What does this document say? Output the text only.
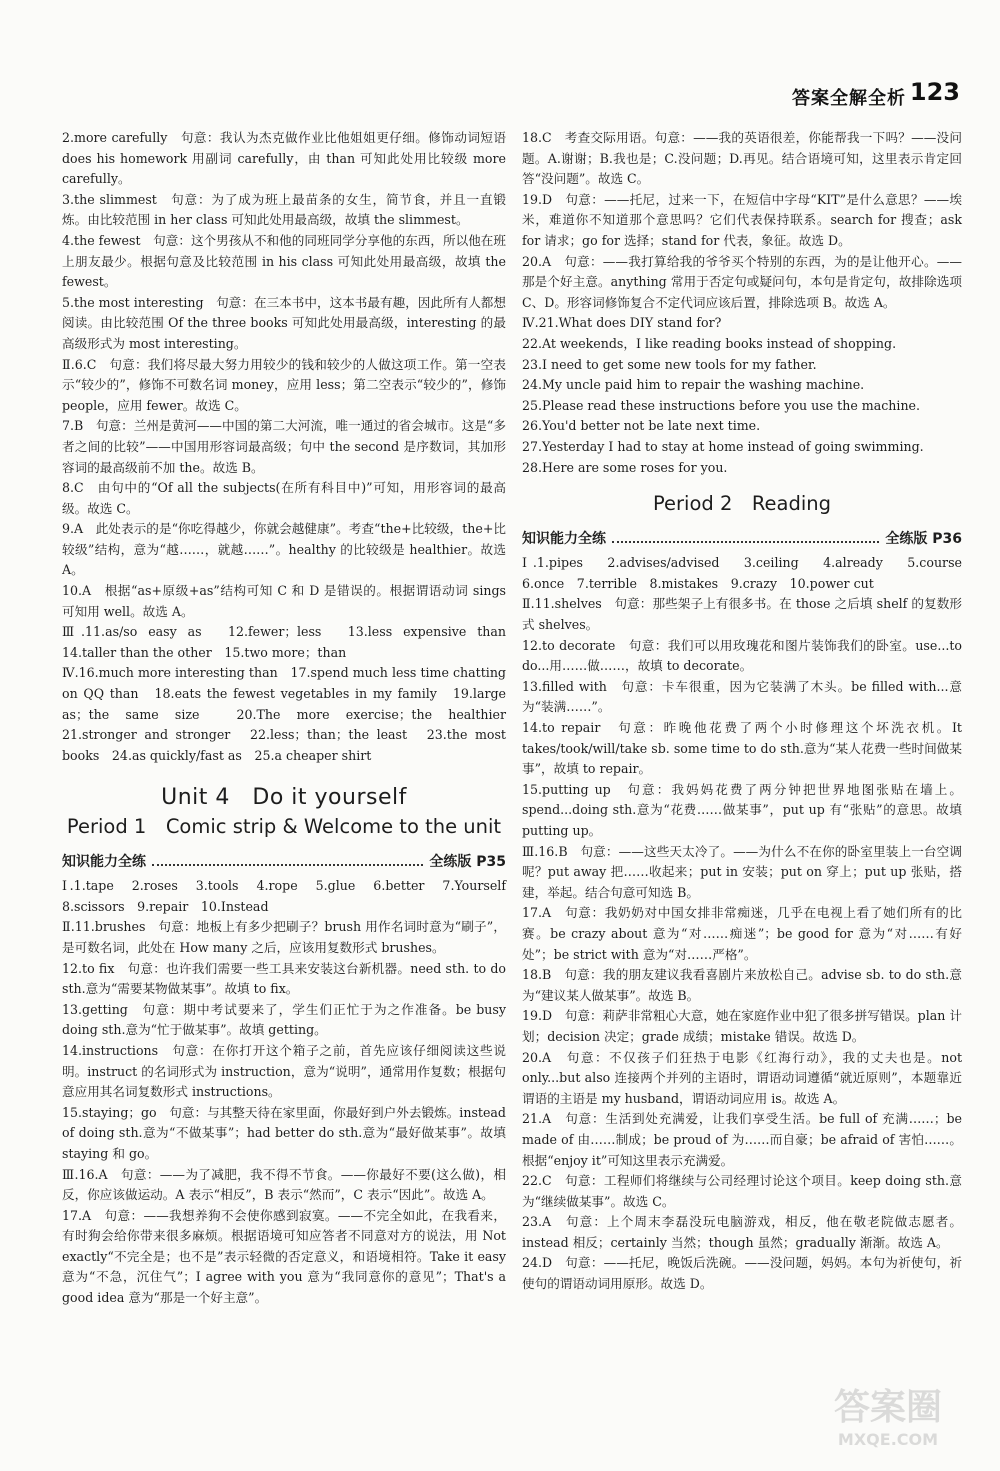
答案全解全析 123

2.more carefully　句意：我认为杰克做作业比他姐姐更仔细。修饰动词短语 does his homework 用副词 carefully，由 than 可知此处用比较级 more carefully。

3.the slimmest　句意：为了成为班上最苗条的女生，简节食，并且一直锻炼。由比较范围 in her class 可知此处用最高级，故填 the slimmest。

4.the fewest　句意：这个男孩从不和他的同班同学分享他的东西，所以他在班上朋友最少。根据句意及比较范围 in his class 可知此处用最高级，故填 the fewest。

5.the most interesting　句意：在三本书中，这本书最有趣，因此所有人都想阅读。由比较范围 Of the three books 可知此处用最高级，interesting 的最高级形式为 most interesting。

Ⅱ.6.C　句意：我们将尽最大努力用较少的钱和较少的人做这项工作。第一空表示“较少的”，修饰不可数名词 money，应用 less；第二空表示“较少的”，修饰 people，应用 fewer。故选 C。

7.B　句意：兰州是黄河——中国的第二大河流，唯一通过的省会城市。这是“多者之间的比较”——中国用形容词最高级；句中 the second 是序数词，其加形容词的最高级前不加 the。故选 B。

8.C　由句中的“Of all the subjects(在所有科目中)”可知，用形容词的最高级。故选 C。

9.A　此处表示的是“你吃得越少，你就会越健康”。考查“the+比较级，the+比较级”结构，意为“越……，就越……”。healthy 的比较级是 healthier。故选 A。

10.A　根据“as+原级+as”结构可知 C 和 D 是错误的。根据谓语动词 sings 可知用 well。故选 A。

Ⅲ.11.as/so easy as　12.fewer；less　13.less expensive than　14.taller than the other　15.two more；than

Ⅳ.16.much more interesting than　17.spend much less time chatting on QQ than　18.eats the fewest vegetables in my family　19.large as；the same size　20.The more exercise；the healthier　21.stronger and stronger　22.less；than；the least　23.the most books　24.as quickly/fast as　25.a cheaper shirt

Unit 4　Do it yourself
Period 1　Comic strip & Welcome to the unit
知识能力全练	全练版 P35

Ⅰ.1.tape　2.roses　3.tools　4.rope　5.glue　6.better　7.Yourself　8.scissors　9.repair　10.Instead

Ⅱ.11.brushes　句意：地板上有多少把刷子？brush 用作名词时意为“刷子”，是可数名词，此处在 How many 之后，应该用复数形式 brushes。

12.to fix　句意：也许我们需要一些工具来安装这台新机器。need sth. to do sth.意为“需要某物做某事”。故填 to fix。

13.getting　句意：期中考试要来了，学生们正忙于为之作准备。be busy doing sth.意为“忙于做某事”。故填 getting。

14.instructions　句意：在你打开这个箱子之前，首先应该仔细阅读这些说明。instruct 的名词形式为 instruction，意为“说明”，通常用作复数；根据句意应用其名词复数形式 instructions。

15.staying；go　句意：与其整天待在家里面，你最好到户外去锻炼。instead of doing sth.意为“不做某事”；had better do sth.意为“最好做某事”。故填 staying 和 go。

Ⅲ.16.A　句意：——为了减肥，我不得不节食。——你最好不要(这么做)，相反，你应该做运动。A 表示“相反”，B 表示“然而”，C 表示“因此”。故选 A。

17.A　句意：——我想养狗不会使你感到寂寞。——不完全如此，在我看来，有时狗会给你带来很多麻烦。根据语境可知应答者不同意对方的说法，用 Not exactly“不完全是；也不是”表示轻微的否定意义，和语境相符。Take it easy 意为“不急，沉住气”；I agree with you 意为“我同意你的意见”；That's a good idea 意为“那是一个好主意”。

18.C　考查交际用语。句意：——我的英语很差，你能帮我一下吗？——没问题。A.谢谢；B.我也是；C.没问题；D.再见。结合语境可知，这里表示肯定回答“没问题”。故选 C。

19.D　句意：——托尼，过来一下，在短信中字母“KIT”是什么意思？——埃米，难道你不知道那个意思吗？它们代表保持联系。search for 搜查；ask for 请求；go for 选择；stand for 代表，象征。故选 D。

20.A　句意：——我打算给我的爷爷买个特别的东西，为的是让他开心。——那是个好主意。anything 常用于否定句或疑问句，本句是肯定句，故排除选项 C、D。形容词修饰复合不定代词应该后置，排除选项 B。故选 A。

Ⅳ.21.What does DIY stand for?

22.At weekends，I like reading books instead of shopping.

23.I need to get some new tools for my father.

24.My uncle paid him to repair the washing machine.

25.Please read these instructions before you use the machine.

26.You'd better not be late next time.

27.Yesterday I had to stay at home instead of going swimming.

28.Here are some roses for you.

Period 2　Reading
知识能力全练	全练版 P36

Ⅰ.1.pipes　2.advises/advised　3.ceiling　4.already　5.course　6.once　7.terrible　8.mistakes　9.crazy　10.power cut

Ⅱ.11.shelves　句意：那些架子上有很多书。在 those 之后填 shelf 的复数形式 shelves。

12.to decorate　句意：我们可以用玫瑰花和图片装饰我们的卧室。use...to do...用……做……，故填 to decorate。

13.filled with　句意：卡车很重，因为它装满了木头。be filled with...意为“装满……”。

14.to repair　句意：昨晚他花费了两个小时修理这个坏洗衣机。It takes/took/will/take sb. some time to do sth.意为“某人花费一些时间做某事”，故填 to repair。

15.putting up　句意：我妈妈花费了两分钟把世界地图张贴在墙上。spend...doing sth.意为“花费……做某事”，put up 有“张贴”的意思。故填 putting up。

Ⅲ.16.B　句意：——这些天太冷了。——为什么不在你的卧室里装上一台空调呢？put away 把……收起来；put in 安装；put on 穿上；put up 张贴，搭建，举起。结合句意可知选 B。

17.A　句意：我奶奶对中国女排非常痴迷，几乎在电视上看了她们所有的比赛。be crazy about 意为“对……痴迷”；be good for 意为“对……有好处”；be strict with 意为“对……严格”。

18.B　句意：我的朋友建议我看喜剧片来放松自己。advise sb. to do sth.意为“建议某人做某事”。故选 B。

19.D　句意：莉萨非常粗心大意，她在家庭作业中犯了很多拼写错误。plan 计划；decision 决定；grade 成绩；mistake 错误。故选 D。

20.A　句意：不仅孩子们狂热于电影《红海行动》，我的丈夫也是。not only...but also 连接两个并列的主语时，谓语动词遵循“就近原则”，本题靠近谓语的主语是 my husband，谓语动词应用 is。故选 A。

21.A　句意：生活到处充满爱，让我们享受生活。be full of 充满……；be made of 由……制成；be proud of 为……而自豪；be afraid of 害怕……。根据“enjoy it”可知这里表示充满爱。

22.C　句意：工程师们将继续与公司经理讨论这个项目。keep doing sth.意为“继续做某事”。故选 C。

23.A　句意：上个周末李磊没玩电脑游戏，相反，他在敬老院做志愿者。instead 相反；certainly 当然；though 虽然；gradually 渐渐。故选 A。

24.D　句意：——托尼，晚饭后洗碗。——没问题，妈妈。本句为祈使句，祈使句的谓语动词用原形。故选 D。

答案圈
MXQE.COM
